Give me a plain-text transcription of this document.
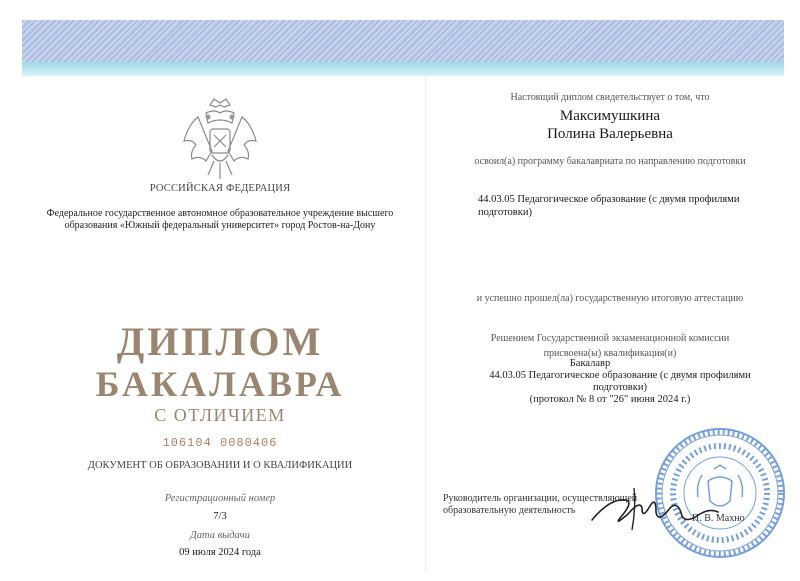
РОССИЙСКАЯ ФЕДЕРАЦИЯ
Федеральное государственное автономное образовательное учреждение высшего образования «Южный федеральный университет» город Ростов-на-Дону
ДИПЛОМ
БАКАЛАВРА
С ОТЛИЧИЕМ
106104 0080406
ДОКУМЕНТ ОБ ОБРАЗОВАНИИ И О КВАЛИФИКАЦИИ
Регистрационный номер
7/3
Дата выдачи
09 июля 2024 года
Настоящий диплом свидетельствует о том, что
Максимушкина
Полина Валерьевна
освоил(а) программу бакалавриата по направлению подготовки
44.03.05 Педагогическое образование (с двумя профилями подготовки)
и успешно прошел(ла) государственную итоговую аттестацию
Решением Государственной экзаменационной комиссии
присвоена(ы) квалификация(и)
Бакалавр
44.03.05 Педагогическое образование (с двумя профилями подготовки)
(протокол № 8 от "26" июня 2024 г.)
Руководитель организации, осуществляющей образовательную деятельность
П. В. Махно
